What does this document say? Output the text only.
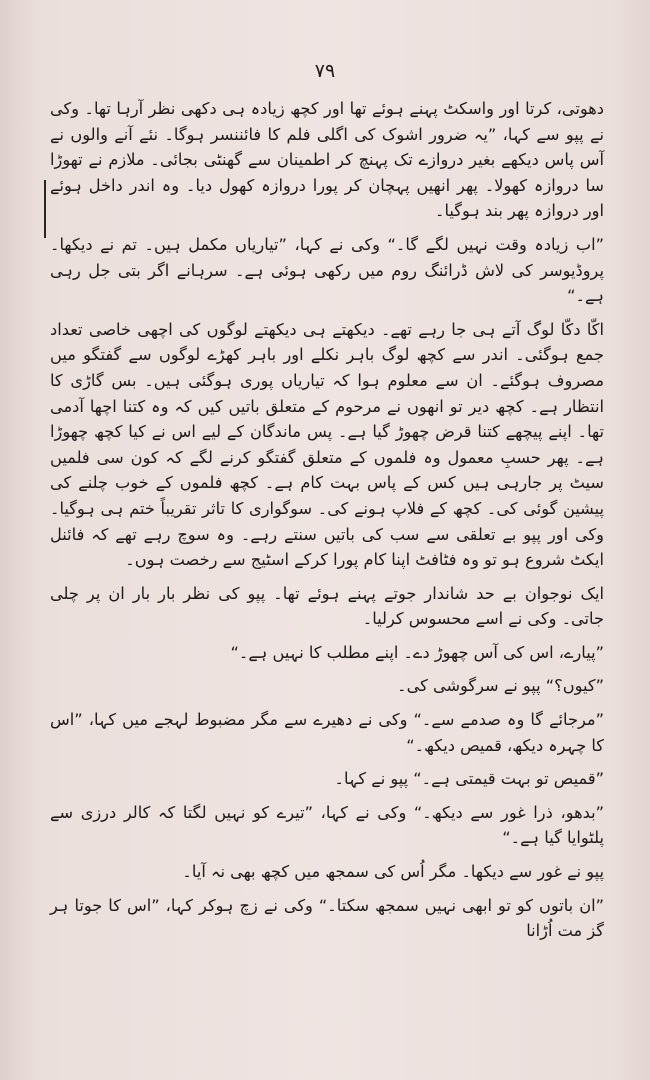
۷۹

دھوتی، کرتا اور واسکٹ پہنے ہوئے تھا اور کچھ زیادہ ہی دکھی نظر آرہا تھا۔ وکی نے پپو سے کہا، ”یہ ضرور اشوک کی اگلی فلم کا فائننسر ہوگا۔ نئے آنے والوں نے آس پاس دیکھے بغیر دروازے تک پہنچ کر اطمینان سے گھنٹی بجائی۔ ملازم نے تھوڑا سا دروازہ کھولا۔ پھر انھیں پہچان کر پورا دروازہ کھول دیا۔ وہ اندر داخل ہوئے اور دروازہ پھر بند ہوگیا۔

”اب زیادہ وقت نہیں لگے گا۔“ وکی نے کہا، ”تیاریاں مکمل ہیں۔ تم نے دیکھا۔ پروڈیوسر کی لاش ڈرائنگ روم میں رکھی ہوئی ہے۔ سرہانے اگر بتی جل رہی ہے۔“

اکّا دکّا لوگ آتے ہی جا رہے تھے۔ دیکھتے ہی دیکھتے لوگوں کی اچھی خاصی تعداد جمع ہوگئی۔ اندر سے کچھ لوگ باہر نکلے اور باہر کھڑے لوگوں سے گفتگو میں مصروف ہوگئے۔ ان سے معلوم ہوا کہ تیاریاں پوری ہوگئی ہیں۔ بس گاڑی کا انتظار ہے۔ کچھ دیر تو انھوں نے مرحوم کے متعلق باتیں کیں کہ وہ کتنا اچھا آدمی تھا۔ اپنے پیچھے کتنا قرض چھوڑ گیا ہے۔ پس ماندگان کے لیے اس نے کیا کچھ چھوڑا ہے۔ پھر حسبِ معمول وہ فلموں کے متعلق گفتگو کرنے لگے کہ کون سی فلمیں سیٹ پر جارہی ہیں کس کے پاس بہت کام ہے۔ کچھ فلموں کے خوب چلنے کی پیشین گوئی کی۔ کچھ کے فلاپ ہونے کی۔ سوگواری کا تاثر تقریباً ختم ہی ہوگیا۔ وکی اور پپو بے تعلقی سے سب کی باتیں سنتے رہے۔ وہ سوچ رہے تھے کہ فائنل ایکٹ شروع ہو تو وہ فٹافٹ اپنا کام پورا کرکے اسٹیج سے رخصت ہوں۔

ایک نوجوان بے حد شاندار جوتے پہنے ہوئے تھا۔ پپو کی نظر بار بار ان پر چلی جاتی۔ وکی نے اسے محسوس کرلیا۔

”پیارے، اس کی آس چھوڑ دے۔ اپنے مطلب کا نہیں ہے۔“

”کیوں؟“ پپو نے سرگوشی کی۔

”مرجائے گا وہ صدمے سے۔“ وکی نے دھیرے سے مگر مضبوط لہجے میں کہا، ”اس کا چہرہ دیکھ، قمیص دیکھ۔“

”قمیص تو بہت قیمتی ہے۔“ پپو نے کہا۔

”بدھو، ذرا غور سے دیکھ۔“ وکی نے کہا، ”تیرے کو نہیں لگتا کہ کالر درزی سے پلٹوایا گیا ہے۔“

پپو نے غور سے دیکھا۔ مگر اُس کی سمجھ میں کچھ بھی نہ آیا۔

”ان باتوں کو تو ابھی نہیں سمجھ سکتا۔“ وکی نے زچ ہوکر کہا، ”اس کا جوتا ہر گز مت اُڑانا
